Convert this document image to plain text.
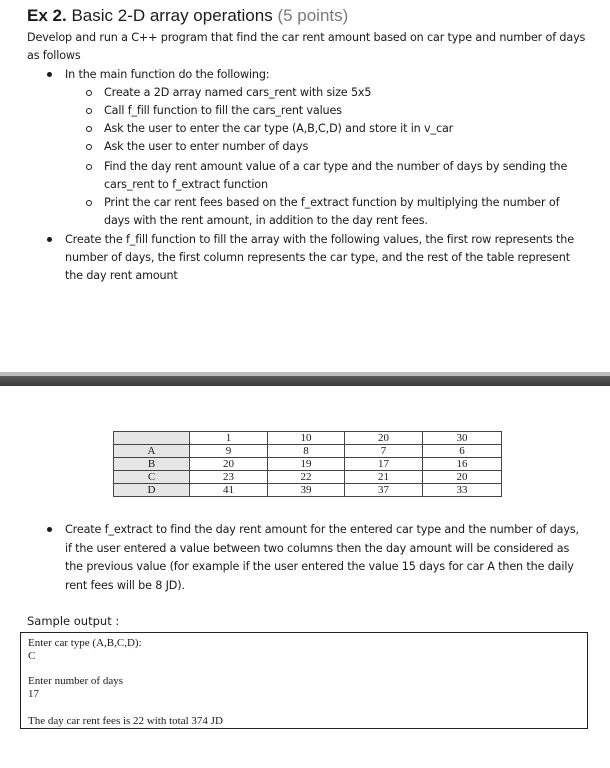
Ex 2. Basic 2-D array operations (5 points)
Develop and run a C++ program that find the car rent amount based on car type and number of days
as follows
In the main function do the following:
Create a 2D array named cars_rent with size 5x5
Call f_fill function to fill the cars_rent values
Ask the user to enter the car type (A,B,C,D) and store it in v_car
Ask the user to enter number of days
Find the day rent amount value of a car type and the number of days by sending the
cars_rent to f_extract function
Print the car rent fees based on the f_extract function by multiplying the number of
days with the rent amount, in addition to the day rent fees.
Create the f_fill function to fill the array with the following values, the first row represents the
number of days, the first column represents the car type, and the rest of the table represent
the day rent amount
	1	10	20	30
A	9	8	7	6
B	20	19	17	16
C	23	22	21	20
D	41	39	37	33
Create f_extract to find the day rent amount for the entered car type and the number of days,
if the user entered a value between two columns then the day amount will be considered as
the previous value (for example if the user entered the value 15 days for car A then the daily
rent fees will be 8 JD).
Sample output :
Enter car type (A,B,C,D):
C
Enter number of days
17
The day car rent fees is 22 with total 374 JD
